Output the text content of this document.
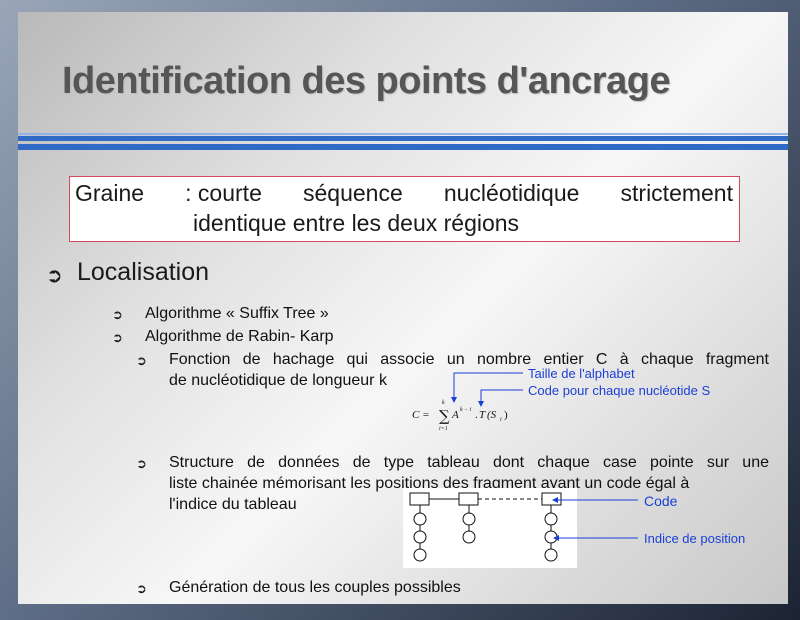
Identification des points d'ancrage
Graine : courte séquence nucléotidique strictement
identique entre les deux régions
➲ Localisation
➲ Algorithme « Suffix Tree »
➲ Algorithme de Rabin- Karp
➲ Fonction de hachage qui associe un nombre entier C à chaque fragment
de nucléotidique de longueur k	Taille de l'alphabet
Code pour chaque nucléotide S
C =
k
∑
i=1
A k − i . T (S i )
➲ Structure de données de type tableau dont chaque case pointe sur une
liste chainée mémorisant les positions des fragment ayant un code égal à
l'indice du tableau	Code
Indice de position
➲ Génération de tous les couples possibles
